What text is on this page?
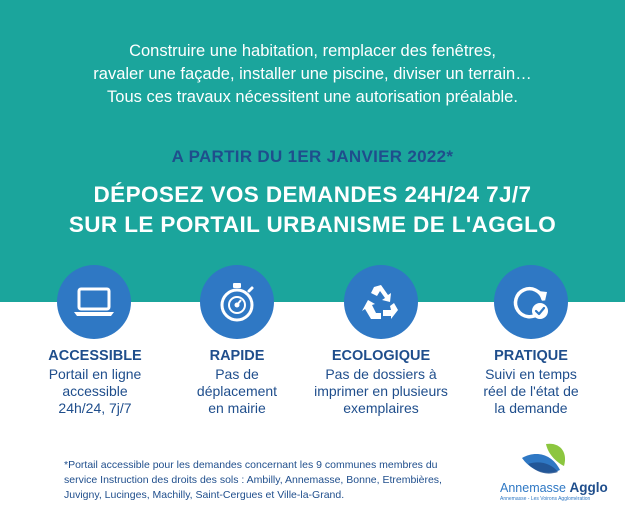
Construire une habitation, remplacer des fenêtres,
ravaler une façade, installer une piscine, diviser un terrain…
Tous ces travaux nécessitent une autorisation préalable.
A PARTIR DU 1ER JANVIER 2022*
DÉPOSEZ VOS DEMANDES 24H/24 7J/7
SUR LE PORTAIL URBANISME DE L'AGGLO
ACCESSIBLE
Portail en ligne
accessible
24h/24, 7j/7
RAPIDE
Pas de
déplacement
en mairie
ECOLOGIQUE
Pas de dossiers à
imprimer en plusieurs
exemplaires
PRATIQUE
Suivi en temps
réel de l'état de
la demande
*Portail accessible pour les demandes concernant les 9 communes membres du
service Instruction des droits des sols : Ambilly, Annemasse, Bonne, Etrembières,
Juvigny, Lucinges, Machilly, Saint-Cergues et Ville-la-Grand.	Annemasse Agglo
Annemasse - Les Voirons Agglomération
